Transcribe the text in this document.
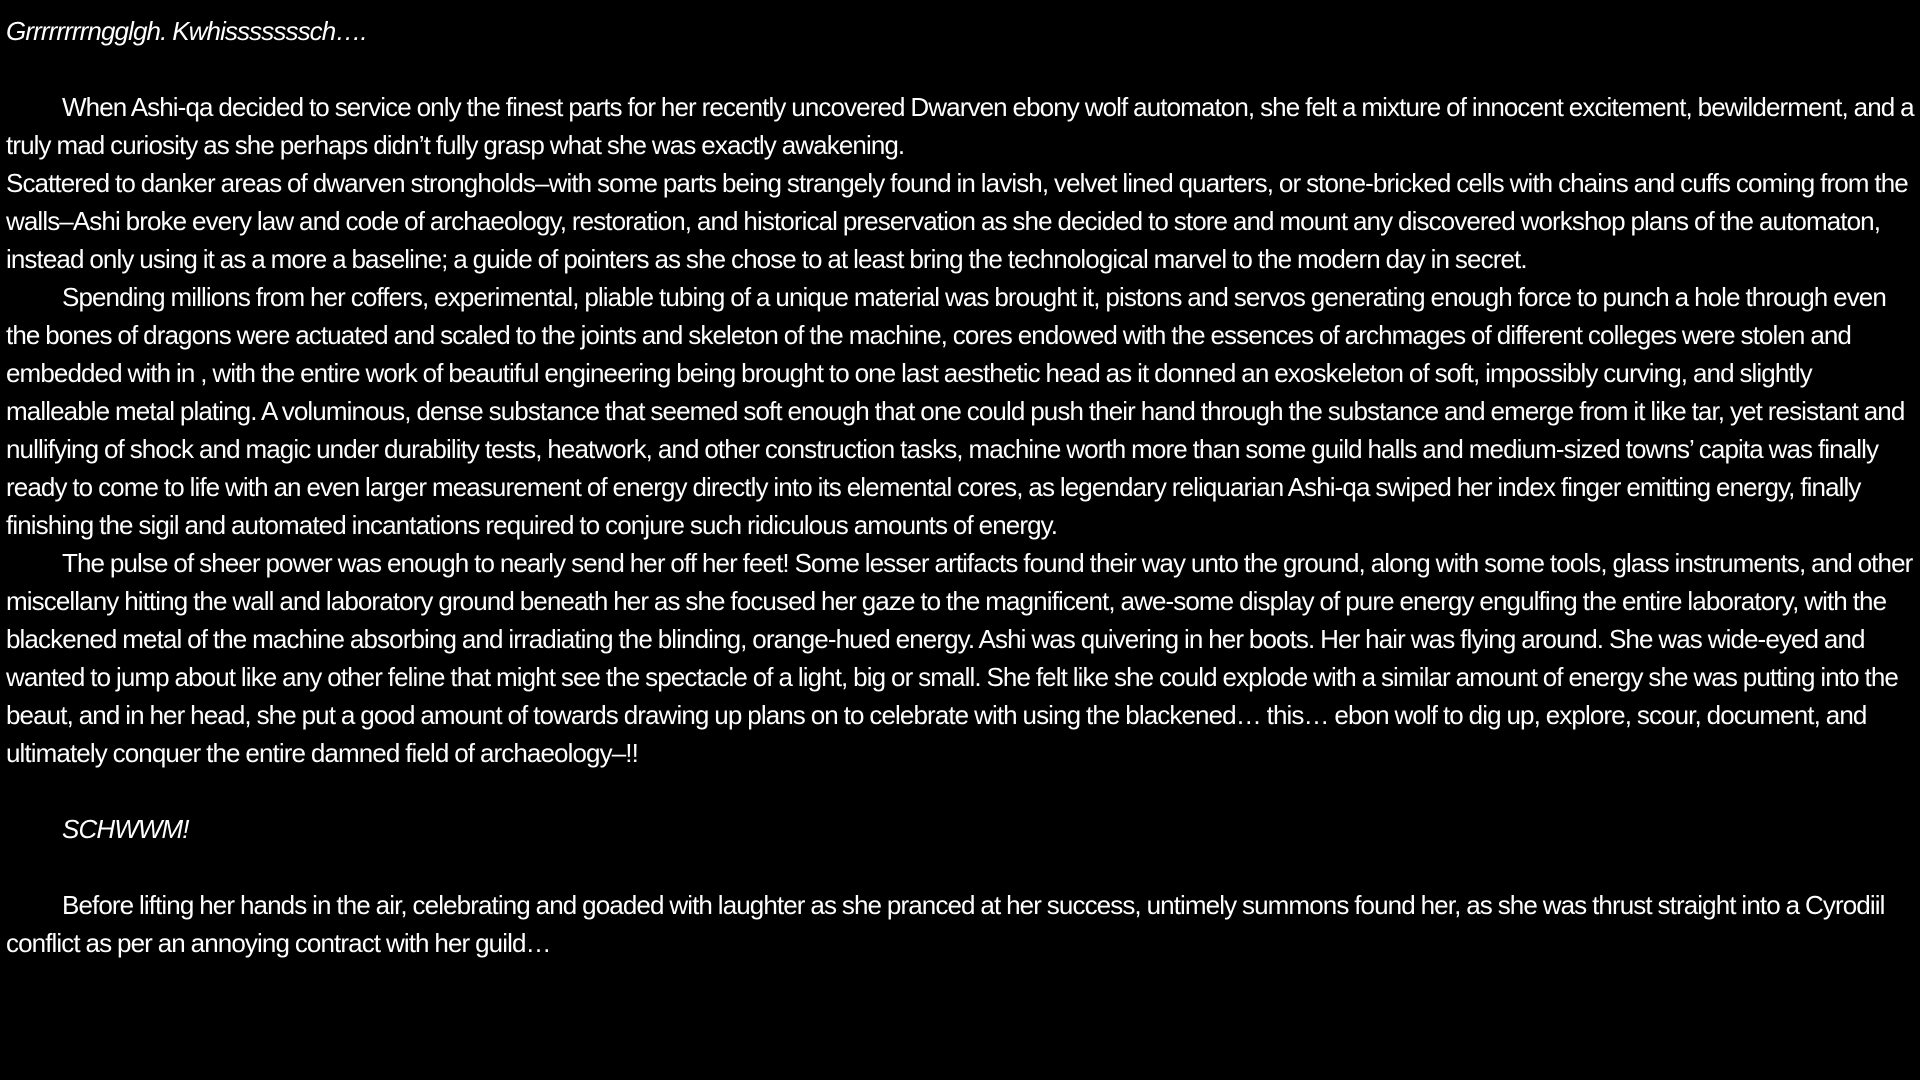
Grrrrrrrrngglgh. Kwhisssssssch….

When Ashi-qa decided to service only the finest parts for her recently uncovered Dwarven ebony wolf automaton, she felt a mixture of innocent excitement, bewilderment, and a truly mad curiosity as she perhaps didn’t fully grasp what she was exactly awakening.

Scattered to danker areas of dwarven strongholds–with some parts being strangely found in lavish, velvet lined quarters, or stone-bricked cells with chains and cuffs coming from the walls–Ashi broke every law and code of archaeology, restoration, and historical preservation as she decided to store and mount any discovered workshop plans of the automaton, instead only using it as a more a baseline; a guide of pointers as she chose to at least bring the technological marvel to the modern day in secret.

Spending millions from her coffers, experimental, pliable tubing of a unique material was brought it, pistons and servos generating enough force to punch a hole through even the bones of dragons were actuated and scaled to the joints and skeleton of the machine, cores endowed with the essences of archmages of different colleges were stolen and embedded with in , with the entire work of beautiful engineering being brought to one last aesthetic head as it donned an exoskeleton of soft, impossibly curving, and slightly malleable metal plating. A voluminous, dense substance that seemed soft enough that one could push their hand through the substance and emerge from it like tar, yet resistant and nullifying of shock and magic under durability tests, heatwork, and other construction tasks, machine worth more than some guild halls and medium-sized towns’ capita was finally ready to come to life with an even larger measurement of energy directly into its elemental cores, as legendary reliquarian Ashi-qa swiped her index finger emitting energy, finally finishing the sigil and automated incantations required to conjure such ridiculous amounts of energy.

The pulse of sheer power was enough to nearly send her off her feet! Some lesser artifacts found their way unto the ground, along with some tools, glass instruments, and other miscellany hitting the wall and laboratory ground beneath her as she focused her gaze to the magnificent, awe-some display of pure energy engulfing the entire laboratory, with the blackened metal of the machine absorbing and irradiating the blinding, orange-hued energy. Ashi was quivering in her boots. Her hair was flying around. She was wide-eyed and wanted to jump about like any other feline that might see the spectacle of a light, big or small. She felt like she could explode with a similar amount of energy she was putting into the beaut, and in her head, she put a good amount of towards drawing up plans on to celebrate with using the blackened… this… ebon wolf to dig up, explore, scour, document, and ultimately conquer the entire damned field of archaeology–!!

SCHWWM!

Before lifting her hands in the air, celebrating and goaded with laughter as she pranced at her success, untimely summons found her, as she was thrust straight into a Cyrodiil conflict as per an annoying contract with her guild…
